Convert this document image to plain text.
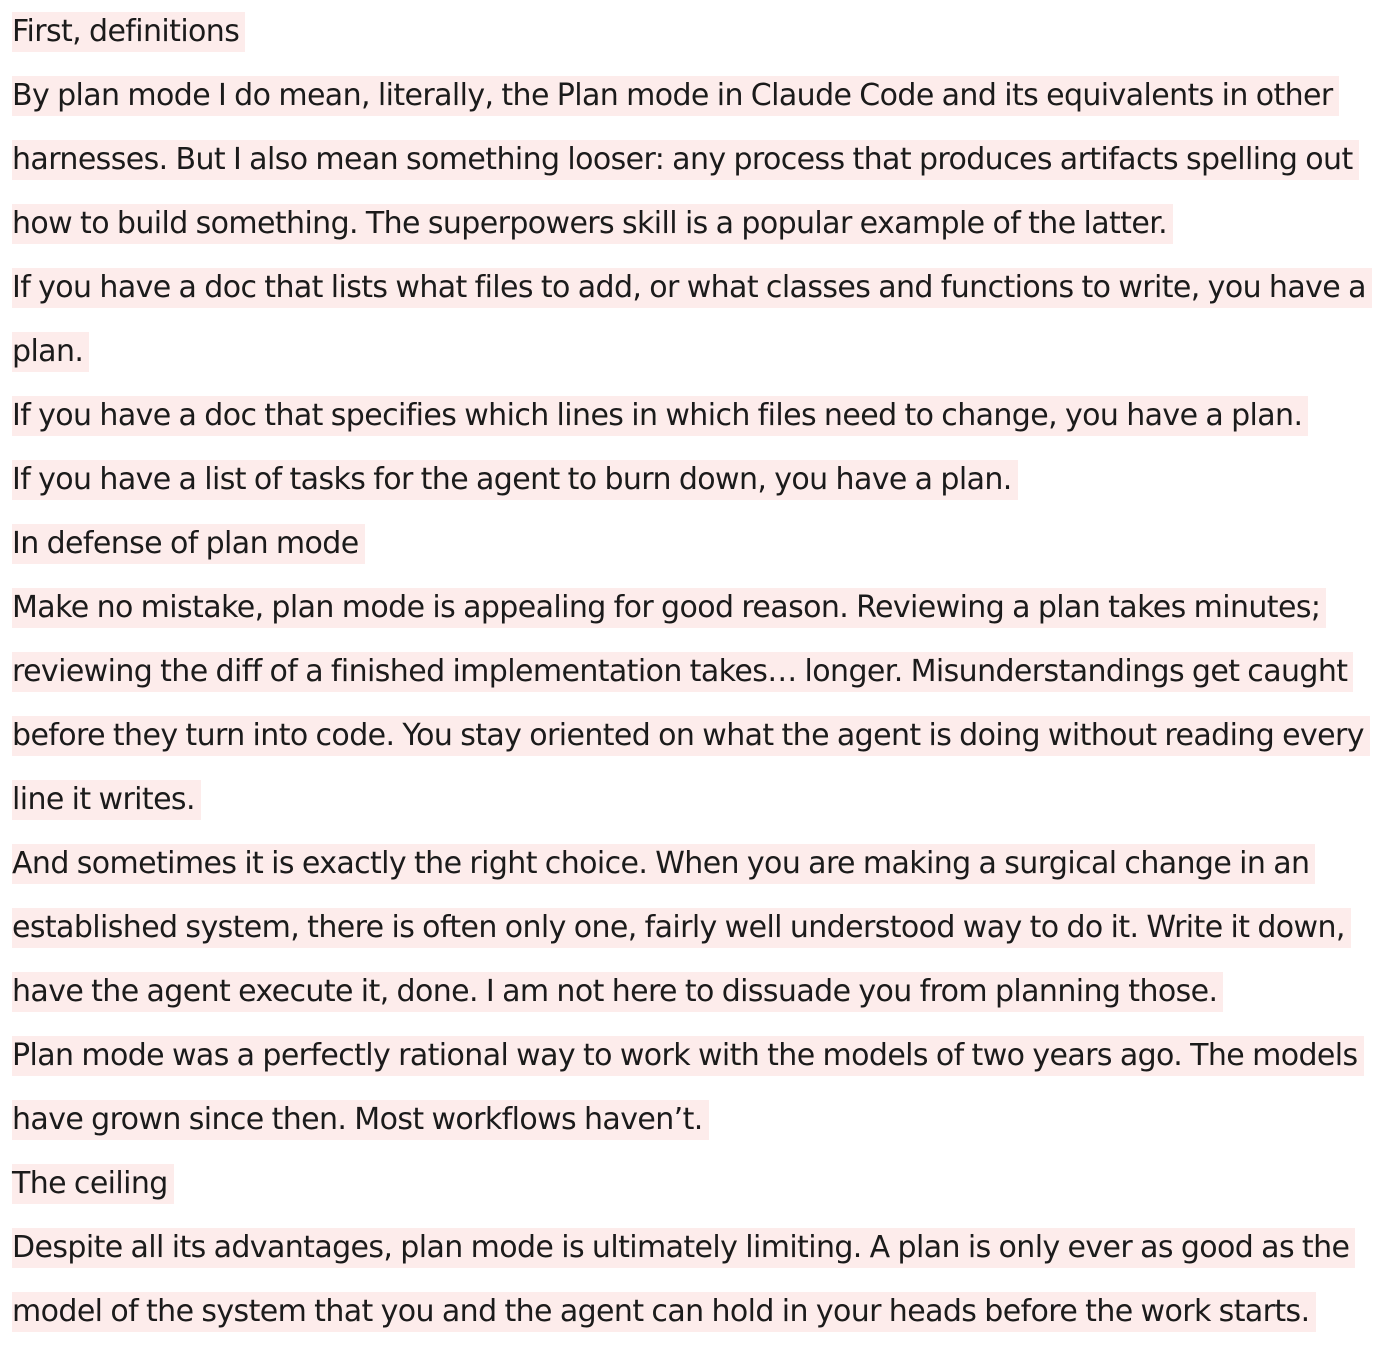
First, definitions
By plan mode I do mean, literally, the Plan mode in Claude Code and its equivalents in other
harnesses. But I also mean something looser: any process that produces artifacts spelling out
how to build something. The superpowers skill is a popular example of the latter.
If you have a doc that lists what files to add, or what classes and functions to write, you have a
plan.
If you have a doc that specifies which lines in which files need to change, you have a plan.
If you have a list of tasks for the agent to burn down, you have a plan.
In defense of plan mode
Make no mistake, plan mode is appealing for good reason. Reviewing a plan takes minutes;
reviewing the diff of a finished implementation takes… longer. Misunderstandings get caught
before they turn into code. You stay oriented on what the agent is doing without reading every
line it writes.
And sometimes it is exactly the right choice. When you are making a surgical change in an
established system, there is often only one, fairly well understood way to do it. Write it down,
have the agent execute it, done. I am not here to dissuade you from planning those.
Plan mode was a perfectly rational way to work with the models of two years ago. The models
have grown since then. Most workflows haven’t.
The ceiling
Despite all its advantages, plan mode is ultimately limiting. A plan is only ever as good as the
model of the system that you and the agent can hold in your heads before the work starts.
